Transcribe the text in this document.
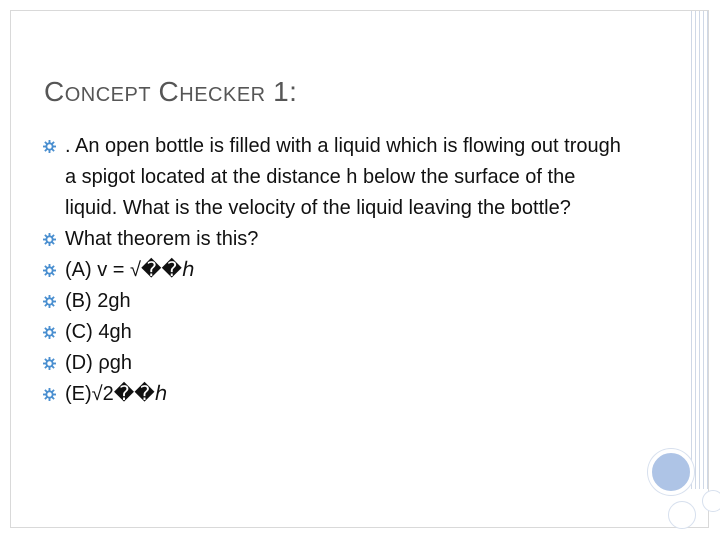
CONCEPT CHECKER 1:
. An open bottle is filled with a liquid which is flowing out trough a spigot located at the distance h below the surface of the liquid. What is the velocity of the liquid leaving the bottle?
What theorem is this?
(A) v = √��ℎ
(B) 2gh
(C) 4gh
(D) ρgh
(E)√2��ℎ
